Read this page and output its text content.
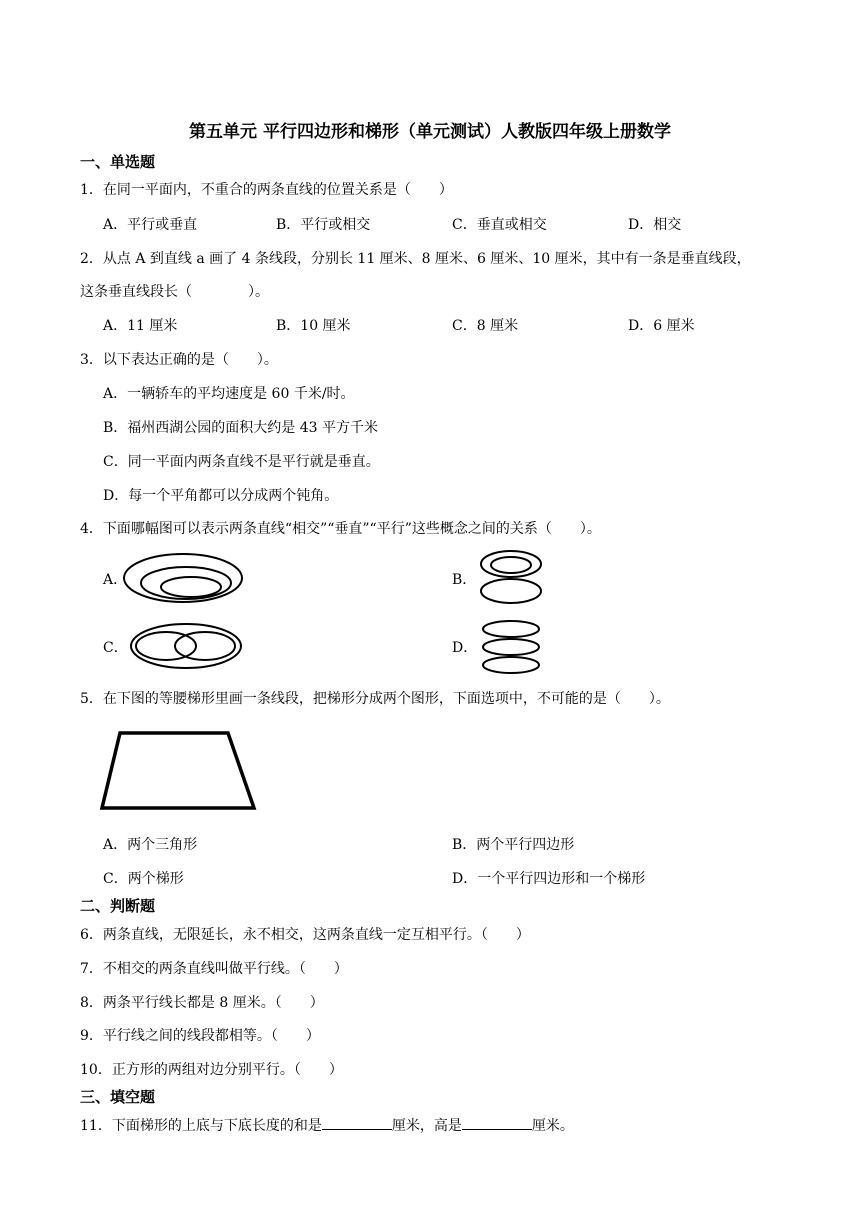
第五单元 平行四边形和梯形（单元测试）人教版四年级上册数学
一、单选题
1．在同一平面内，不重合的两条直线的位置关系是（　　）
A．平行或垂直	B．平行或相交	C．垂直或相交	D．相交
2．从点 A 到直线 a 画了 4 条线段，分别长 11 厘米、8 厘米、6 厘米、10 厘米，其中有一条是垂直线段，
这条垂直线段长（　　　　）。
A．11 厘米	B．10 厘米	C．8 厘米	D．6 厘米
3．以下表达正确的是（　　）。
A．一辆轿车的平均速度是 60 千米/时。
B．福州西湖公园的面积大约是 43 平方千米
C．同一平面内两条直线不是平行就是垂直。
D．每一个平角都可以分成两个钝角。
4．下面哪幅图可以表示两条直线“相交”“垂直”“平行”这些概念之间的关系（　　）。
A．	B．
C．	D．
5．在下图的等腰梯形里画一条线段，把梯形分成两个图形，下面选项中，不可能的是（　　）。
A．两个三角形	B．两个平行四边形
C．两个梯形	D．一个平行四边形和一个梯形
二、判断题
6．两条直线，无限延长，永不相交，这两条直线一定互相平行。（　　）
7．不相交的两条直线叫做平行线。（　　）
8．两条平行线长都是 8 厘米。（　　）
9．平行线之间的线段都相等。（　　）
10．正方形的两组对边分别平行。（　　）
三、填空题
11．下面梯形的上底与下底长度的和是	厘米，高是	厘米。
